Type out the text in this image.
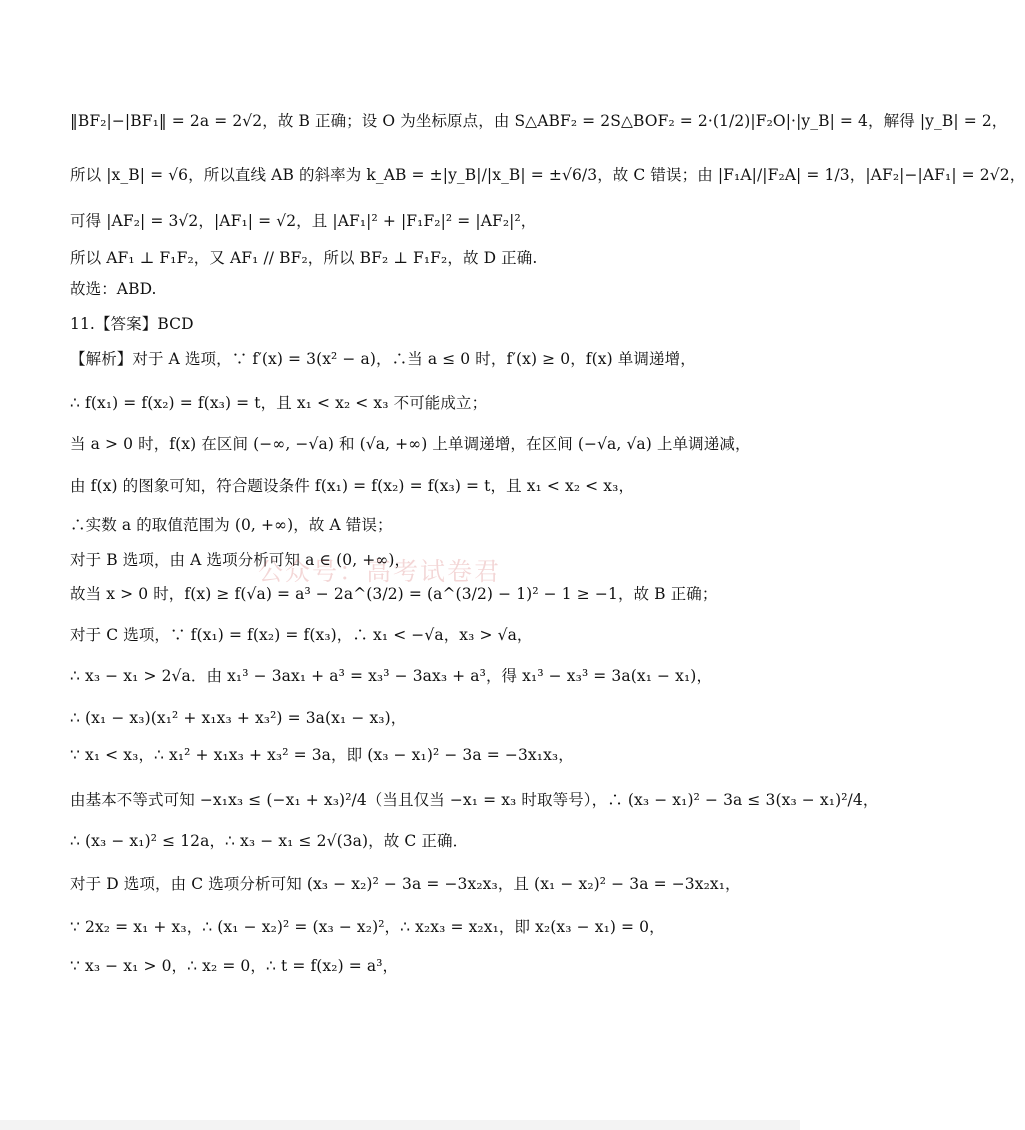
‖BF₂|−|BF₁‖ = 2a = 2√2，故 B 正确；设 O 为坐标原点，由 S△ABF₂ = 2S△BOF₂ = 2·(1/2)|F₂O|·|y_B| = 4，解得 |y_B| = 2，
所以 |x_B| = √6，所以直线 AB 的斜率为 k_AB = ±|y_B|/|x_B| = ±√6/3，故 C 错误；由 |F₁A|/|F₂A| = 1/3，|AF₂|−|AF₁| = 2√2，
可得 |AF₂| = 3√2，|AF₁| = √2，且 |AF₁|² + |F₁F₂|² = |AF₂|²，
所以 AF₁ ⊥ F₁F₂，又 AF₁ // BF₂，所以 BF₂ ⊥ F₁F₂，故 D 正确.
故选：ABD.
11.【答案】BCD
【解析】对于 A 选项，∵ f′(x) = 3(x² − a)，∴当 a ≤ 0 时，f′(x) ≥ 0，f(x) 单调递增，
∴ f(x₁) = f(x₂) = f(x₃) = t，且 x₁ < x₂ < x₃ 不可能成立；
当 a > 0 时，f(x) 在区间 (−∞, −√a) 和 (√a, +∞) 上单调递增，在区间 (−√a, √a) 上单调递减，
由 f(x) 的图象可知，符合题设条件 f(x₁) = f(x₂) = f(x₃) = t，且 x₁ < x₂ < x₃，
∴实数 a 的取值范围为 (0, +∞)，故 A 错误；
对于 B 选项，由 A 选项分析可知 a ∈ (0, +∞)，
故当 x > 0 时，f(x) ≥ f(√a) = a³ − 2a^(3/2) = (a^(3/2) − 1)² − 1 ≥ −1，故 B 正确；
对于 C 选项，∵ f(x₁) = f(x₂) = f(x₃)，∴ x₁ < −√a，x₃ > √a，
∴ x₃ − x₁ > 2√a．由 x₁³ − 3ax₁ + a³ = x₃³ − 3ax₃ + a³，得 x₁³ − x₃³ = 3a(x₁ − x₁)，
∴ (x₁ − x₃)(x₁² + x₁x₃ + x₃²) = 3a(x₁ − x₃)，
∵ x₁ < x₃，∴ x₁² + x₁x₃ + x₃² = 3a，即 (x₃ − x₁)² − 3a = −3x₁x₃，
由基本不等式可知 −x₁x₃ ≤ (−x₁ + x₃)²/4（当且仅当 −x₁ = x₃ 时取等号），∴ (x₃ − x₁)² − 3a ≤ 3(x₃ − x₁)²/4，
∴ (x₃ − x₁)² ≤ 12a，∴ x₃ − x₁ ≤ 2√(3a)，故 C 正确．
对于 D 选项，由 C 选项分析可知 (x₃ − x₂)² − 3a = −3x₂x₃，且 (x₁ − x₂)² − 3a = −3x₂x₁，
∵ 2x₂ = x₁ + x₃，∴ (x₁ − x₂)² = (x₃ − x₂)²，∴ x₂x₃ = x₂x₁，即 x₂(x₃ − x₁) = 0，
∵ x₃ − x₁ > 0，∴ x₂ = 0，∴ t = f(x₂) = a³，
公众号：高考试卷君
